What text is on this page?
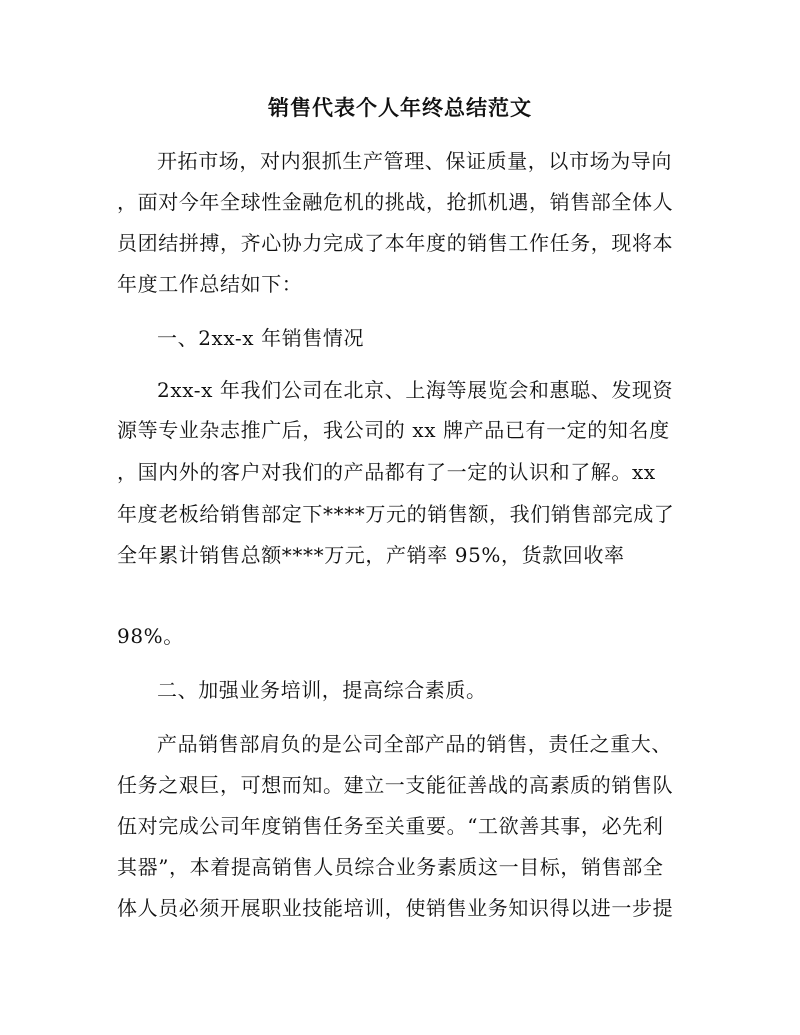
销售代表个人年终总结范文
开拓市场，对内狠抓生产管理、保证质量，以市场为导向
，面对今年全球性金融危机的挑战，抢抓机遇，销售部全体人
员团结拼搏，齐心协力完成了本年度的销售工作任务，现将本
年度工作总结如下：
一、2xx-x 年销售情况
2xx-x 年我们公司在北京、上海等展览会和惠聪、发现资
源等专业杂志推广后，我公司的 xx 牌产品已有一定的知名度
，国内外的客户对我们的产品都有了一定的认识和了解。xx
年度老板给销售部定下****万元的销售额，我们销售部完成了
全年累计销售总额****万元，产销率 95%，货款回收率
98%。
二、加强业务培训，提高综合素质。
产品销售部肩负的是公司全部产品的销售，责任之重大、
任务之艰巨，可想而知。建立一支能征善战的高素质的销售队
伍对完成公司年度销售任务至关重要。“工欲善其事，必先利
其器”，本着提高销售人员综合业务素质这一目标，销售部全
体人员必须开展职业技能培训，使销售业务知识得以进一步提
